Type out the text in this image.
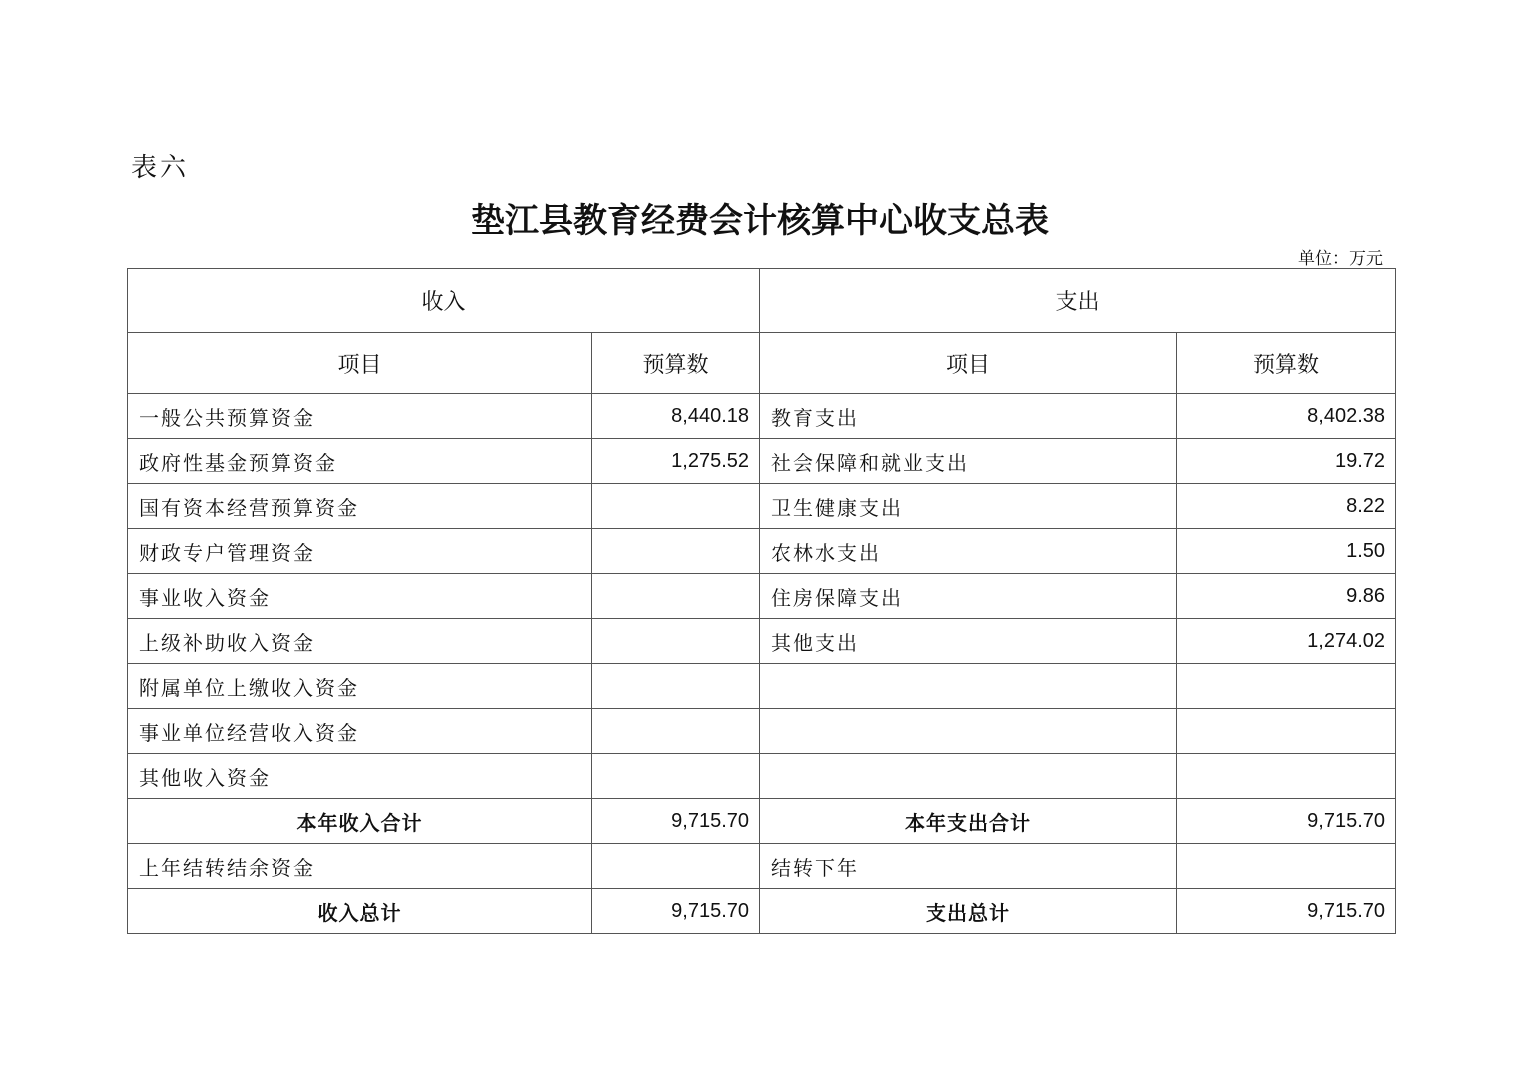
表六
垫江县教育经费会计核算中心收支总表
单位：万元
收入		支出	
项目	预算数	项目	预算数
一般公共预算资金	8,440.18	教育支出	8,402.38
政府性基金预算资金	1,275.52	社会保障和就业支出	19.72
国有资本经营预算资金		卫生健康支出	8.22
财政专户管理资金		农林水支出	1.50
事业收入资金		住房保障支出	9.86
上级补助收入资金		其他支出	1,274.02
附属单位上缴收入资金			
事业单位经营收入资金			
其他收入资金			
本年收入合计	9,715.70	本年支出合计	9,715.70
上年结转结余资金		结转下年	
收入总计	9,715.70	支出总计	9,715.70
